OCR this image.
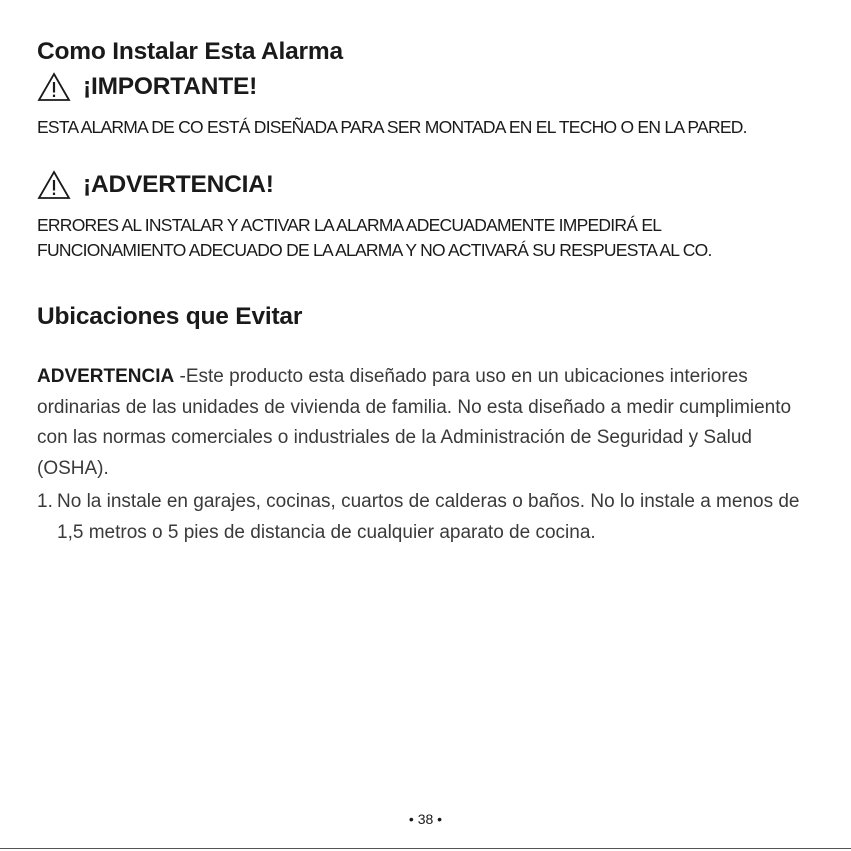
Como Instalar Esta Alarma
¡IMPORTANTE!

ESTA ALARMA DE CO ESTÁ DISEÑADA PARA SER MONTADA EN EL TECHO O EN LA PARED.

¡ADVERTENCIA!

ERRORES AL INSTALAR Y ACTIVAR LA ALARMA ADECUADAMENTE IMPEDIRÁ EL

FUNCIONAMIENTO ADECUADO DE LA ALARMA Y NO ACTIVARÁ SU RESPUESTA AL CO.

Ubicaciones que Evitar

ADVERTENCIA -Este producto esta diseñado para uso en un ubicaciones interiores ordinarias de las unidades de vivienda de familia. No esta diseñado a medir cumplimiento con las normas comerciales o industriales de la Administración de Seguridad y Salud (OSHA).

1. No la instale en garajes, cocinas, cuartos de calderas o baños. No lo instale a menos de 1,5 metros o 5 pies de distancia de cualquier aparato de cocina.
• 38 •
